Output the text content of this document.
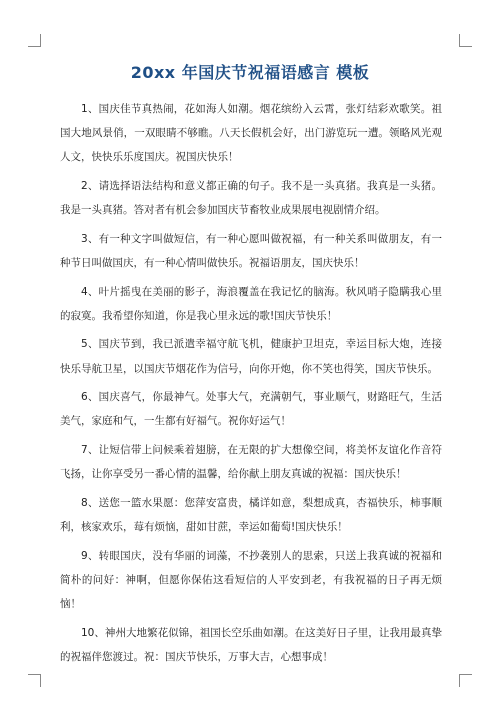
20xx 年国庆节祝福语感言 模板

1、国庆佳节真热闹，花如海人如潮。烟花缤纷入云霄，张灯结彩欢歌笑。祖国大地风景俏，一双眼睛不够瞧。八天长假机会好，出门游览玩一遭。领略风光观人文，快快乐乐度国庆。祝国庆快乐！

2、请选择语法结构和意义都正确的句子。我不是一头真猪。我真是一头猪。我是一头真猪。答对者有机会参加国庆节畜牧业成果展电视剧情介绍。

3、有一种文字叫做短信，有一种心愿叫做祝福，有一种关系叫做朋友，有一种节日叫做国庆，有一种心情叫做快乐。祝福语朋友，国庆快乐！

4、叶片摇曳在美丽的影子，海浪覆盖在我记忆的脑海。秋风哨子隐瞒我心里的寂寞。我希望你知道，你是我心里永远的歌!国庆节快乐！

5、国庆节到，我已派遣幸福守航飞机，健康护卫坦克，幸运目标大炮，连接快乐导航卫星，以国庆节烟花作为信号，向你开炮，你不笑也得笑，国庆节快乐。

6、国庆喜气，你最神气。处事大气，充满朝气，事业顺气，财路旺气，生活美气，家庭和气，一生都有好福气。祝你好运气！

7、让短信带上问候乘着翅膀，在无限的扩大想像空间，将美怀友谊化作音符飞扬，让你享受另一番心情的温馨，给你献上朋友真诚的祝福：国庆快乐！

8、送您一篮水果愿：您萍安富贵，橘详如意，梨想成真，杏福快乐，柿事顺利，核家欢乐，莓有烦恼，甜如甘蔗，幸运如葡萄!国庆快乐！

9、转眼国庆，没有华丽的词藻，不抄袭别人的思索，只送上我真诚的祝福和简朴的问好：神啊，但愿你保佑这看短信的人平安到老，有我祝福的日子再无烦恼！

10、神州大地繁花似锦，祖国长空乐曲如潮。在这美好日子里，让我用最真挚的祝福伴您渡过。祝：国庆节快乐，万事大吉，心想事成！
